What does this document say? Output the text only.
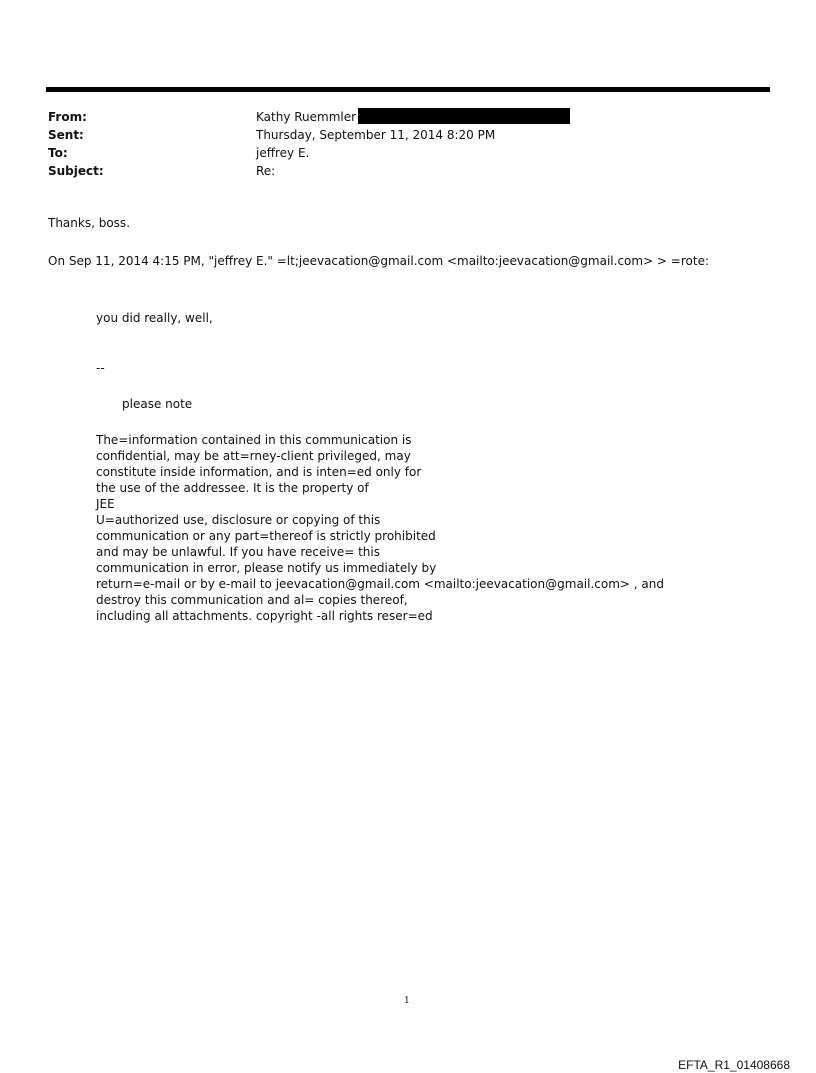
From:	Kathy Ruemmler
Sent:	Thursday, September 11, 2014 8:20 PM
To:	jeffrey E.
Subject:	Re:
Thanks, boss.
On Sep 11, 2014 4:15 PM, "jeffrey E." =lt;jeevacation@gmail.com <mailto:jeevacation@gmail.com> > =rote:
you did really, well,
--
please note
The=information contained in this communication is
confidential, may be att=rney-client privileged, may
constitute inside information, and is inten=ed only for
the use of the addressee. It is the property of
JEE
U=authorized use, disclosure or copying of this
communication or any part=thereof is strictly prohibited
and may be unlawful. If you have receive= this
communication in error, please notify us immediately by
return=e-mail or by e-mail to jeevacation@gmail.com <mailto:jeevacation@gmail.com> , and
destroy this communication and al= copies thereof,
including all attachments. copyright -all rights reser=ed
1
EFTA_R1_01408668
